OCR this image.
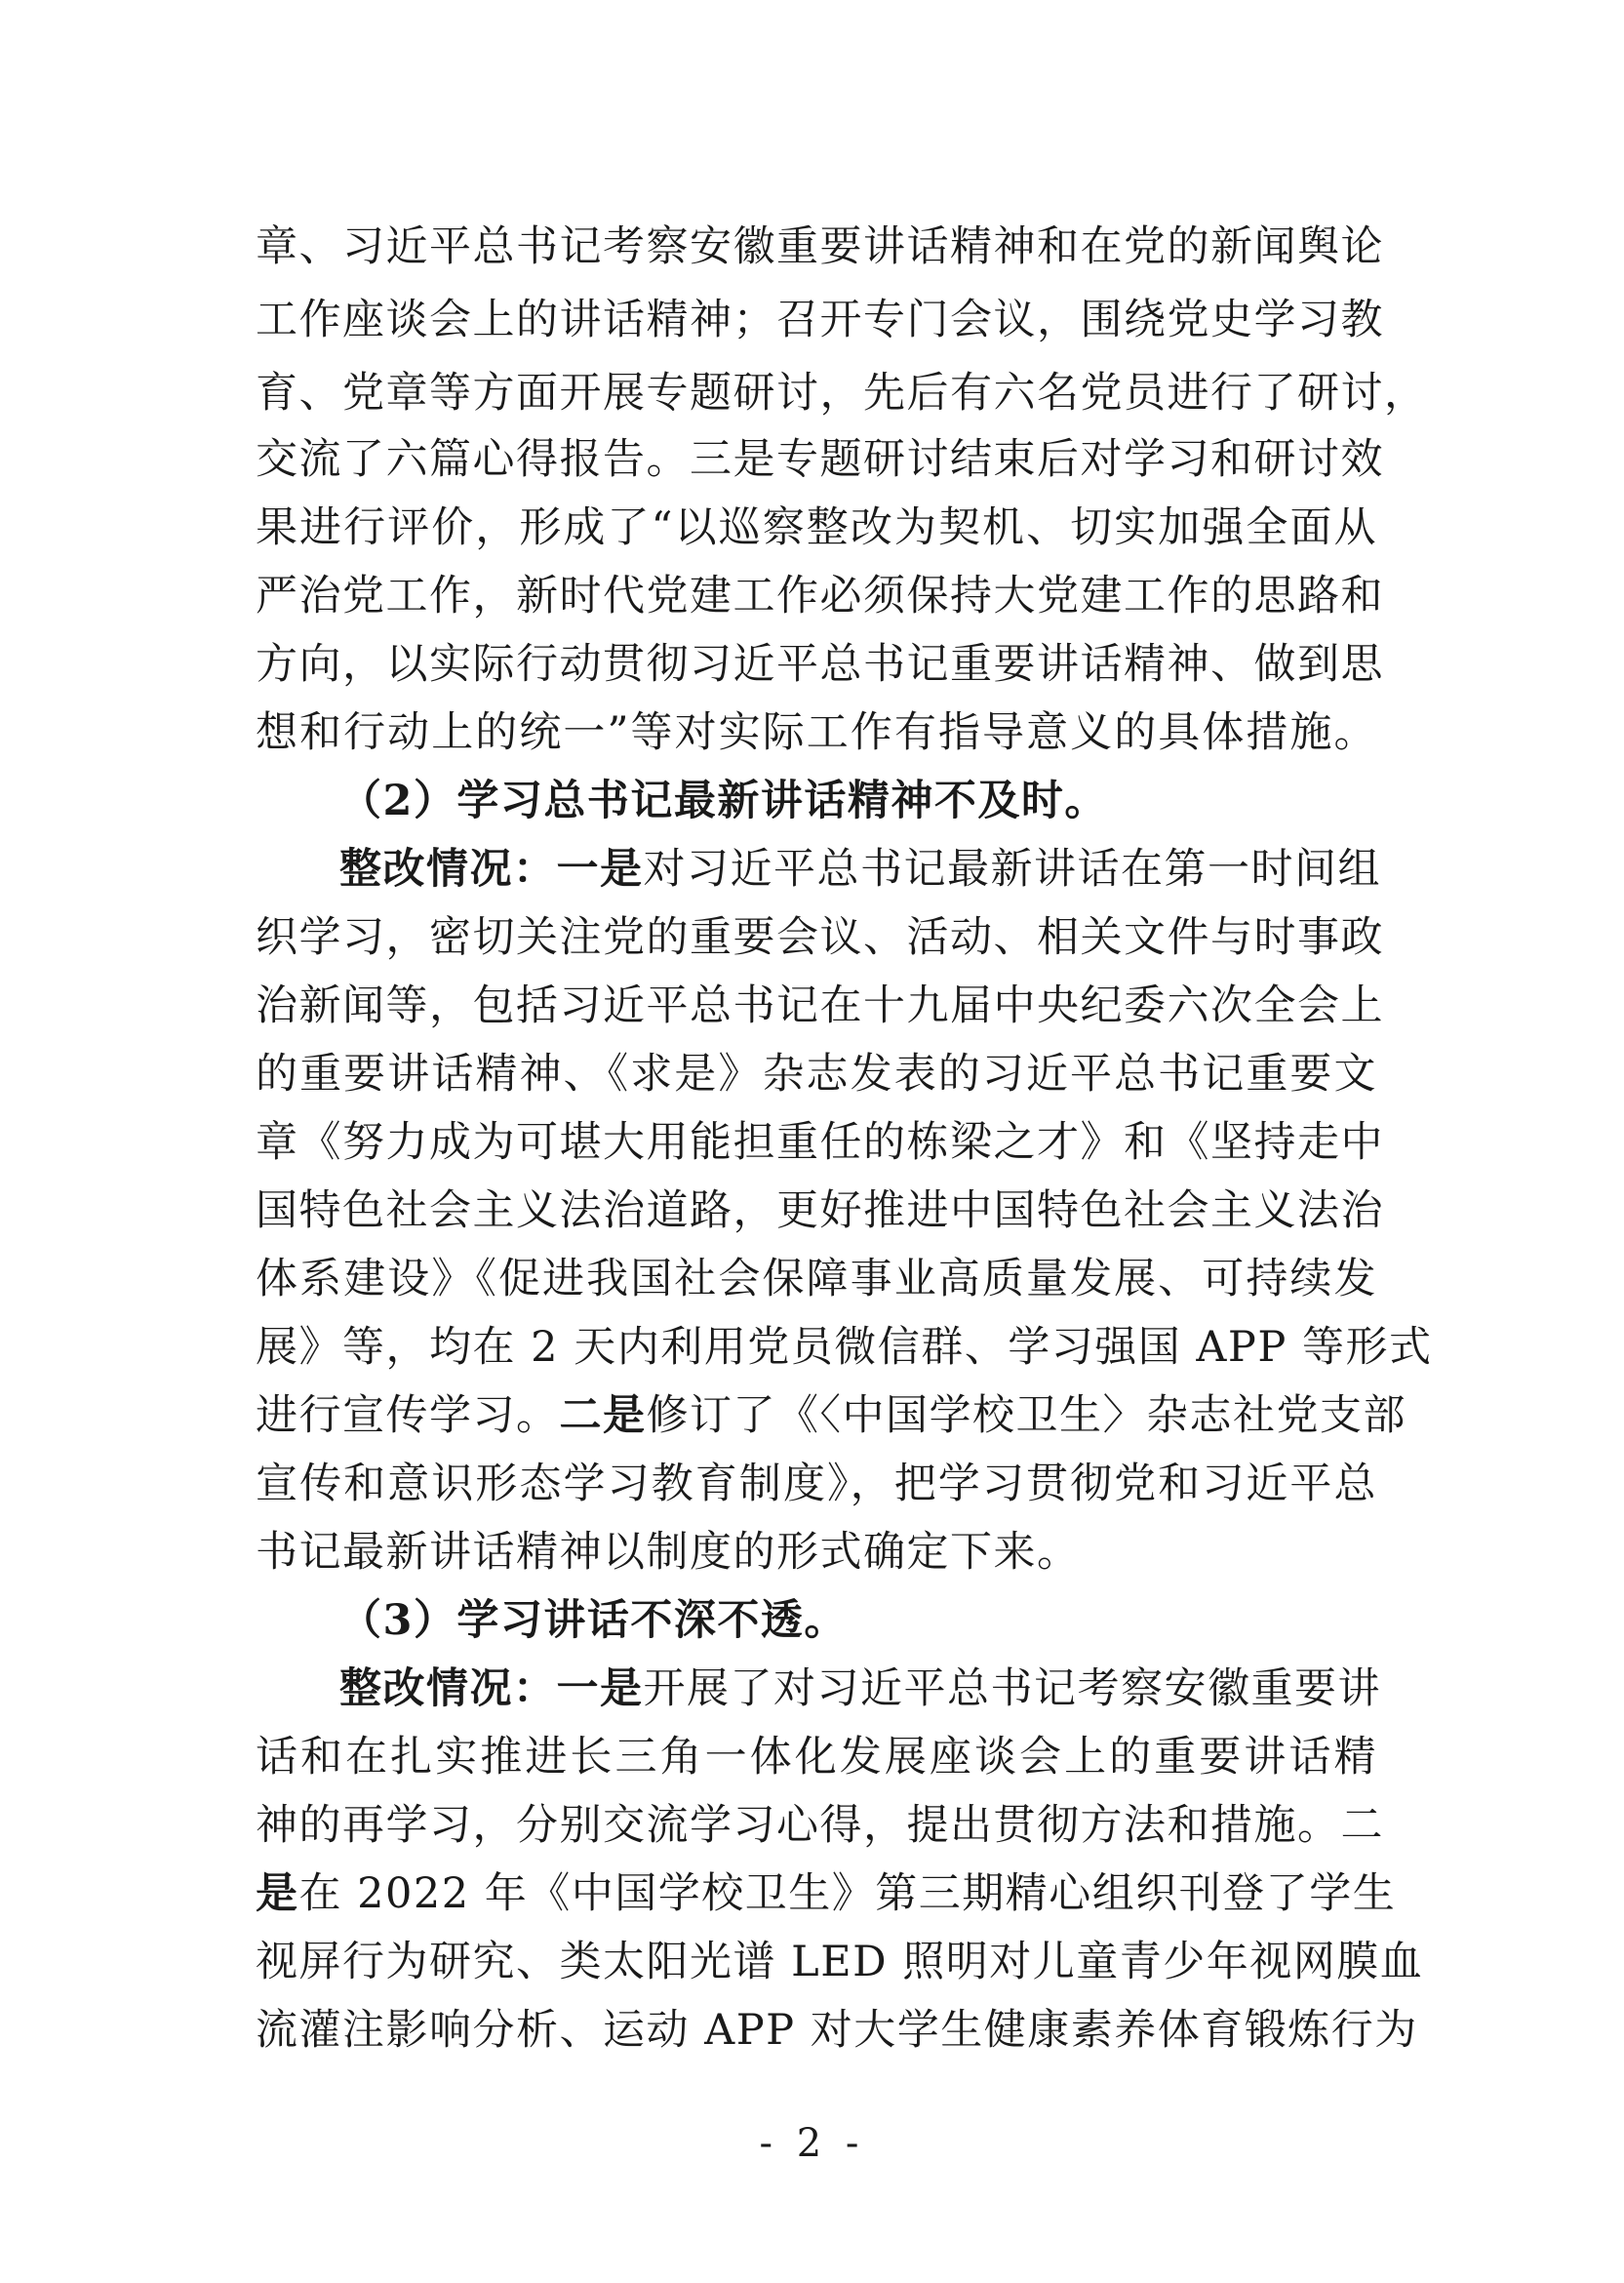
章、习近平总书记考察安徽重要讲话精神和在党的新闻舆论
工作座谈会上的讲话精神；召开专门会议，围绕党史学习教
育、党章等方面开展专题研讨，先后有六名党员进行了研讨，
交流了六篇心得报告。三是专题研讨结束后对学习和研讨效
果进行评价，形成了“以巡察整改为契机、切实加强全面从
严治党工作，新时代党建工作必须保持大党建工作的思路和
方向，以实际行动贯彻习近平总书记重要讲话精神、做到思
想和行动上的统一”等对实际工作有指导意义的具体措施。
（2）学习总书记最新讲话精神不及时。
整改情况：一是对习近平总书记最新讲话在第一时间组
织学习，密切关注党的重要会议、活动、相关文件与时事政
治新闻等，包括习近平总书记在十九届中央纪委六次全会上
的重要讲话精神、《求是》杂志发表的习近平总书记重要文
章《努力成为可堪大用能担重任的栋梁之才》和《坚持走中
国特色社会主义法治道路，更好推进中国特色社会主义法治
体系建设》《促进我国社会保障事业高质量发展、可持续发
展》等，均在 2 天内利用党员微信群、学习强国 APP 等形式
进行宣传学习。二是修订了《〈中国学校卫生〉杂志社党支部
宣传和意识形态学习教育制度》，把学习贯彻党和习近平总
书记最新讲话精神以制度的形式确定下来。
（3）学习讲话不深不透。
整改情况：一是开展了对习近平总书记考察安徽重要讲
话和在扎实推进长三角一体化发展座谈会上的重要讲话精
神的再学习，分别交流学习心得，提出贯彻方法和措施。二
是在 2022 年《中国学校卫生》第三期精心组织刊登了学生
视屏行为研究、类太阳光谱 LED 照明对儿童青少年视网膜血
流灌注影响分析、运动 APP 对大学生健康素养体育锻炼行为
- 2 -
